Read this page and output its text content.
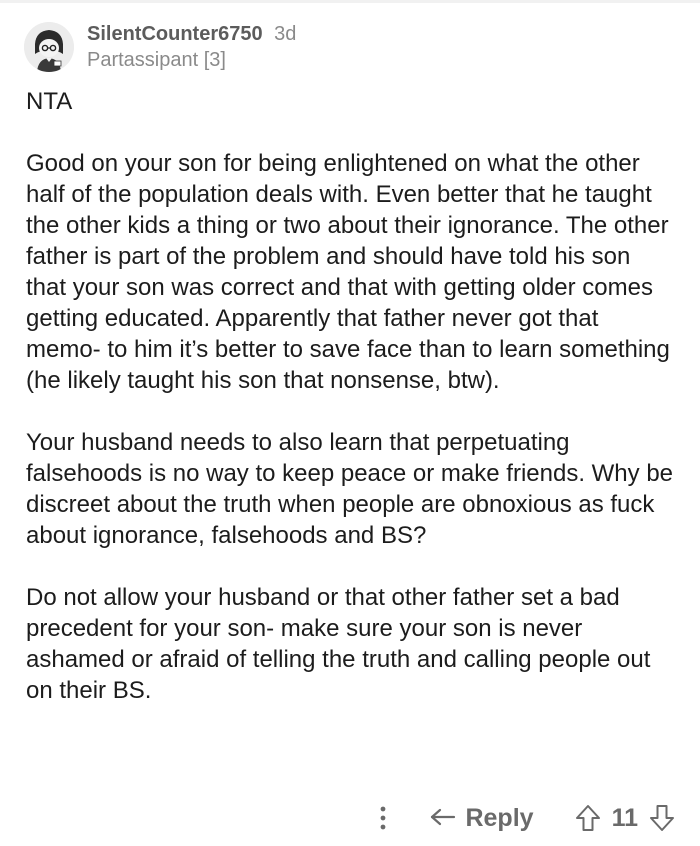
SilentCounter6750 3d
Partassipant [3]

NTA

Good on your son for being enlightened on what the other half of the population deals with. Even better that he taught the other kids a thing or two about their ignorance. The other father is part of the problem and should have told his son that your son was correct and that with getting older comes getting educated. Apparently that father never got that memo- to him it’s better to save face than to learn something (he likely taught his son that nonsense, btw).

Your husband needs to also learn that perpetuating falsehoods is no way to keep peace or make friends. Why be discreet about the truth when people are obnoxious as fuck about ignorance, falsehoods and BS?

Do not allow your husband or that other father set a bad precedent for your son- make sure your son is never ashamed or afraid of telling the truth and calling people out on their BS.

Reply	11
